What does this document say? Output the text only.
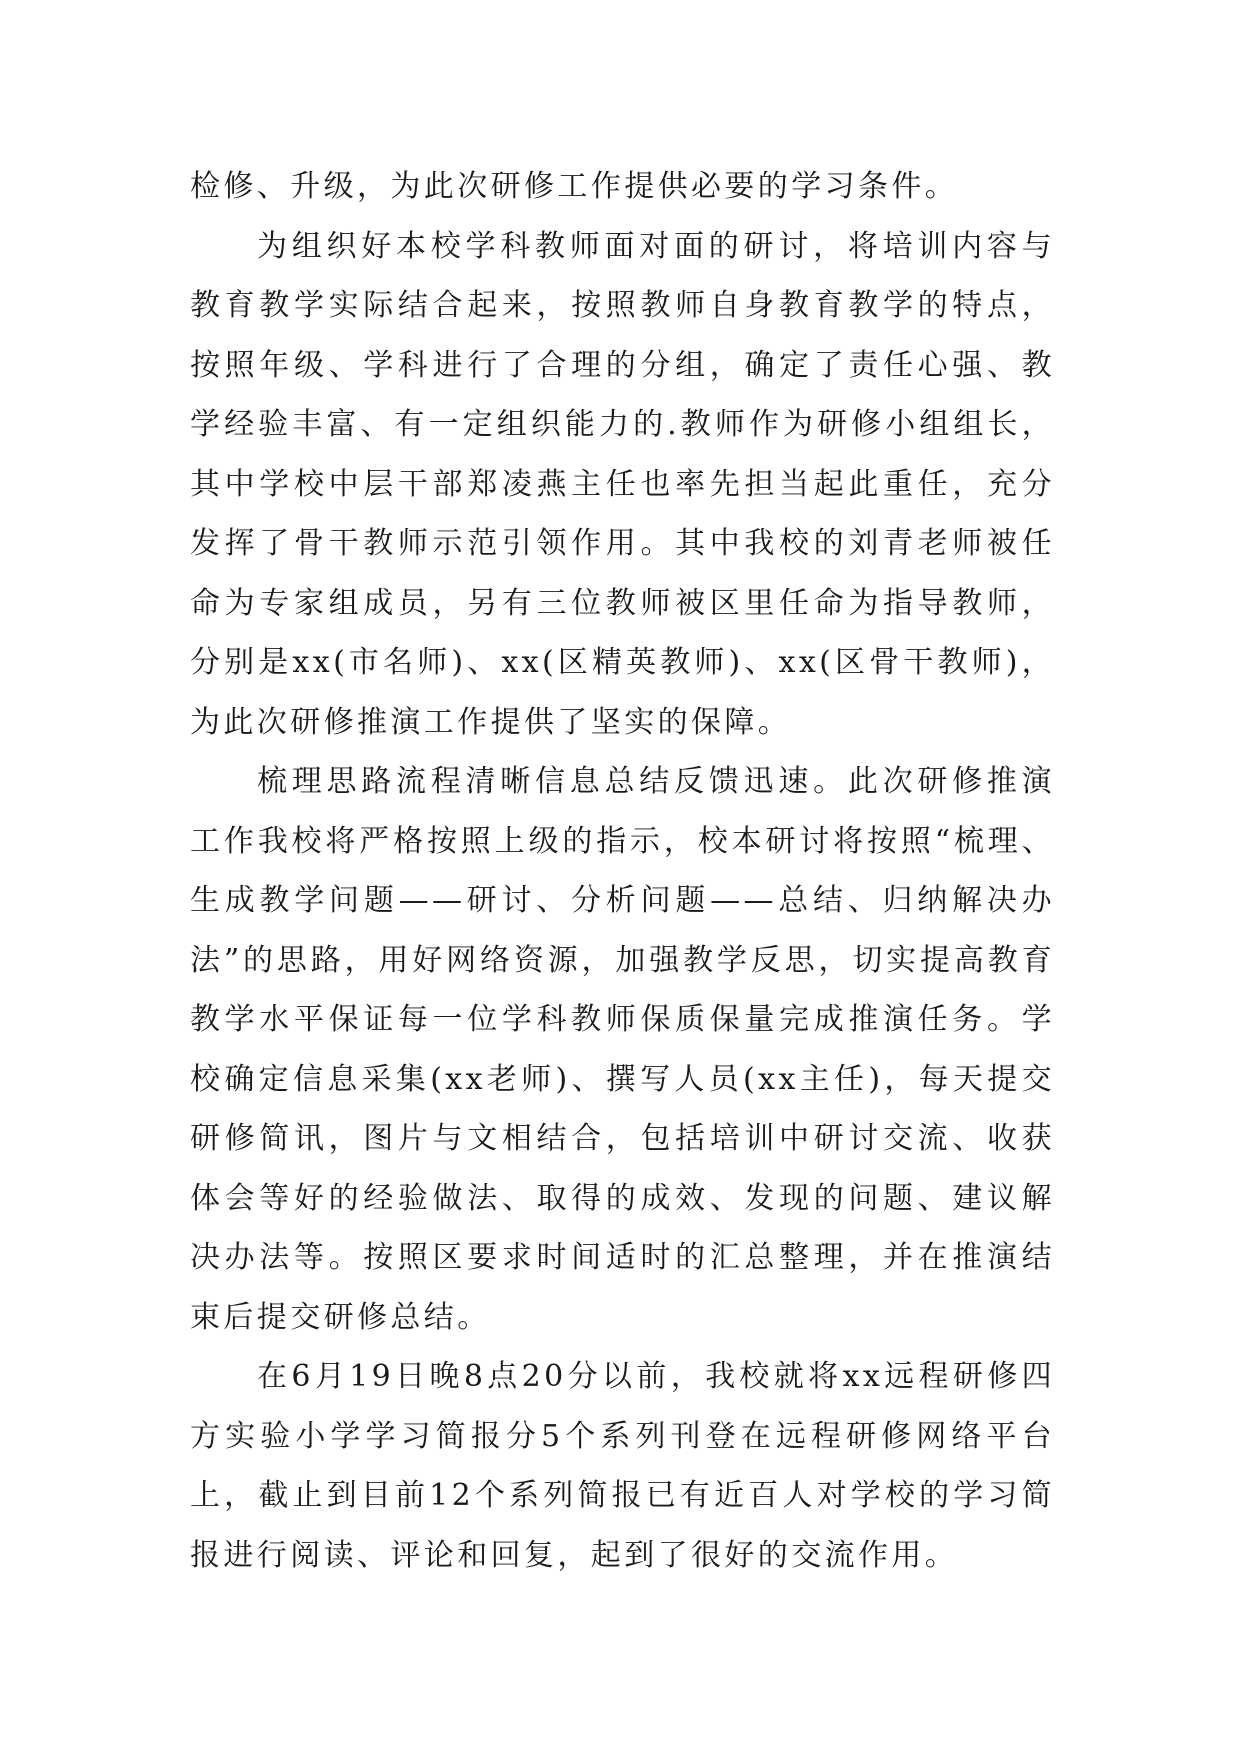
检修、升级，为此次研修工作提供必要的学习条件。

为组织好本校学科教师面对面的研讨，将培训内容与教育教学实际结合起来，按照教师自身教育教学的特点，按照年级、学科进行了合理的分组，确定了责任心强、教学经验丰富、有一定组织能力的.教师作为研修小组组长，其中学校中层干部郑凌燕主任也率先担当起此重任，充分发挥了骨干教师示范引领作用。其中我校的刘青老师被任命为专家组成员，另有三位教师被区里任命为指导教师，分别是xx(市名师)、xx(区精英教师)、xx(区骨干教师)，为此次研修推演工作提供了坚实的保障。

梳理思路流程清晰信息总结反馈迅速。此次研修推演工作我校将严格按照上级的指示，校本研讨将按照“梳理、生成教学问题——研讨、分析问题——总结、归纳解决办法”的思路，用好网络资源，加强教学反思，切实提高教育教学水平保证每一位学科教师保质保量完成推演任务。学校确定信息采集(xx老师)、撰写人员(xx主任)，每天提交研修简讯，图片与文相结合，包括培训中研讨交流、收获体会等好的经验做法、取得的成效、发现的问题、建议解决办法等。按照区要求时间适时的汇总整理，并在推演结束后提交研修总结。

在6月19日晚8点20分以前，我校就将xx远程研修四方实验小学学习简报分5个系列刊登在远程研修网络平台上，截止到目前12个系列简报已有近百人对学校的学习简报进行阅读、评论和回复，起到了很好的交流作用。
